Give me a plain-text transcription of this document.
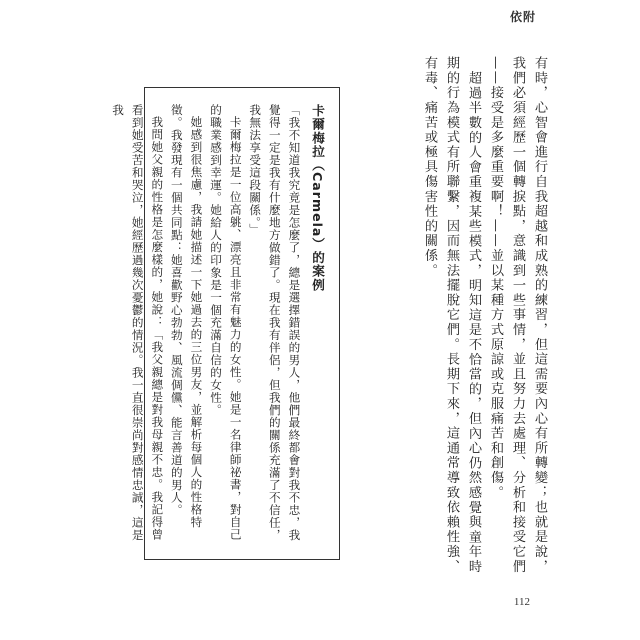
依附

有時，心智會進行自我超越和成熟的練習，但這需要內心有所轉變；也就是說，我們必須經歷一個轉捩點，意識到一些事情，並且努力去處理、分析和接受它們——接受是多麼重要啊！——並以某種方式原諒或克服痛苦和創傷。

超過半數的人會重複某些模式，明知這是不恰當的，但內心仍然感覺與童年時期的行為模式有所聯繫，因而無法擺脫它們。長期下來，這通常導致依賴性強、有毒、痛苦或極具傷害性的關係。

卡爾梅拉（Carmela）的案例

「我不知道我究竟是怎麼了，總是選擇錯誤的男人，他們最終都會對我不忠，我覺得一定是我有什麼地方做錯了。現在我有伴侶，但我們的關係充滿了不信任，我無法享受這段關係。」

卡爾梅拉是一位高䠷、漂亮且非常有魅力的女性。她是一名律師祕書，對自己的職業感到幸運。她給人的印象是一個充滿自信的女性。

她感到很焦慮，我請她描述一下她過去的三位男友，並解析每個人的性格特徵。我發現有一個共同點：她喜歡野心勃勃、風流倜儻、能言善道的男人。

我問她父親的性格是怎麼樣的，她說：「我父親總是對我母親不忠。我記得曾看到她受苦和哭泣，她經歷過幾次憂鬱的情況。我一直很崇尚對感情忠誠，這是我

112
